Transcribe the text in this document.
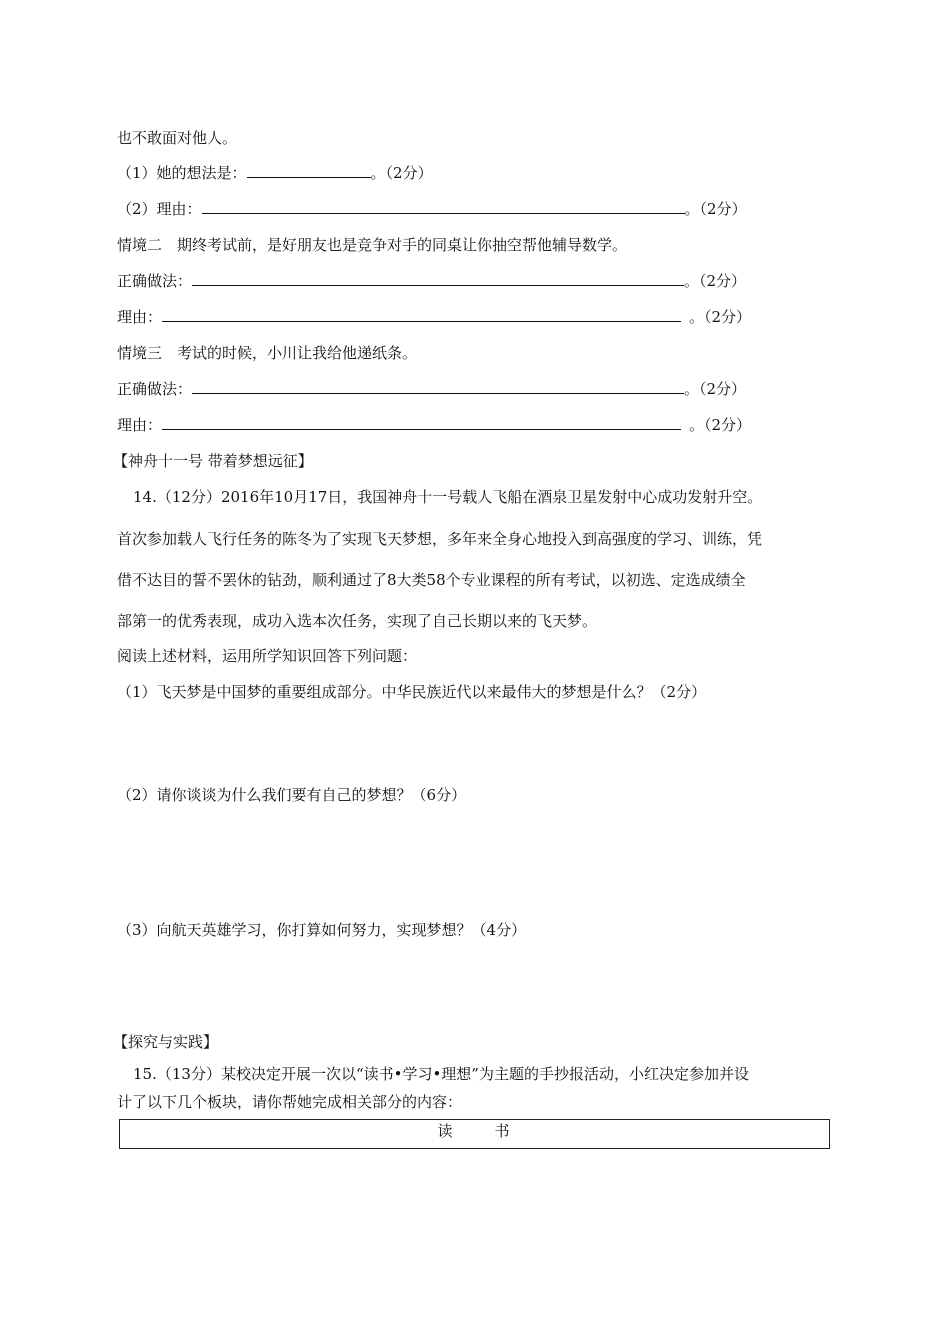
也不敢面对他人。
（1）她的想法是：	。（2分）
（2）理由：	。（2分）
情境二　期终考试前，是好朋友也是竞争对手的同桌让你抽空帮他辅导数学。
正确做法：	。（2分）
理由：	。（2分）
情境三　考试的时候，小川让我给他递纸条。
正确做法：	。（2分）
理由：	。（2分）
【神舟十一号 带着梦想远征】
14.（12分）2016年10月17日，我国神舟十一号载人飞船在酒泉卫星发射中心成功发射升空。
首次参加载人飞行任务的陈冬为了实现飞天梦想，多年来全身心地投入到高强度的学习、训练，凭
借不达目的誓不罢休的钻劲，顺利通过了8大类58个专业课程的所有考试，以初选、定选成绩全
部第一的优秀表现，成功入选本次任务，实现了自己长期以来的飞天梦。
阅读上述材料，运用所学知识回答下列问题：
（1）飞天梦是中国梦的重要组成部分。中华民族近代以来最伟大的梦想是什么？（2分）
（2）请你谈谈为什么我们要有自己的梦想？（6分）
（3）向航天英雄学习，你打算如何努力，实现梦想？（4分）
【探究与实践】
15.（13分）某校决定开展一次以“读书•学习•理想”为主题的手抄报活动，小红决定参加并设
计了以下几个板块，请你帮她完成相关部分的内容：
读	书
